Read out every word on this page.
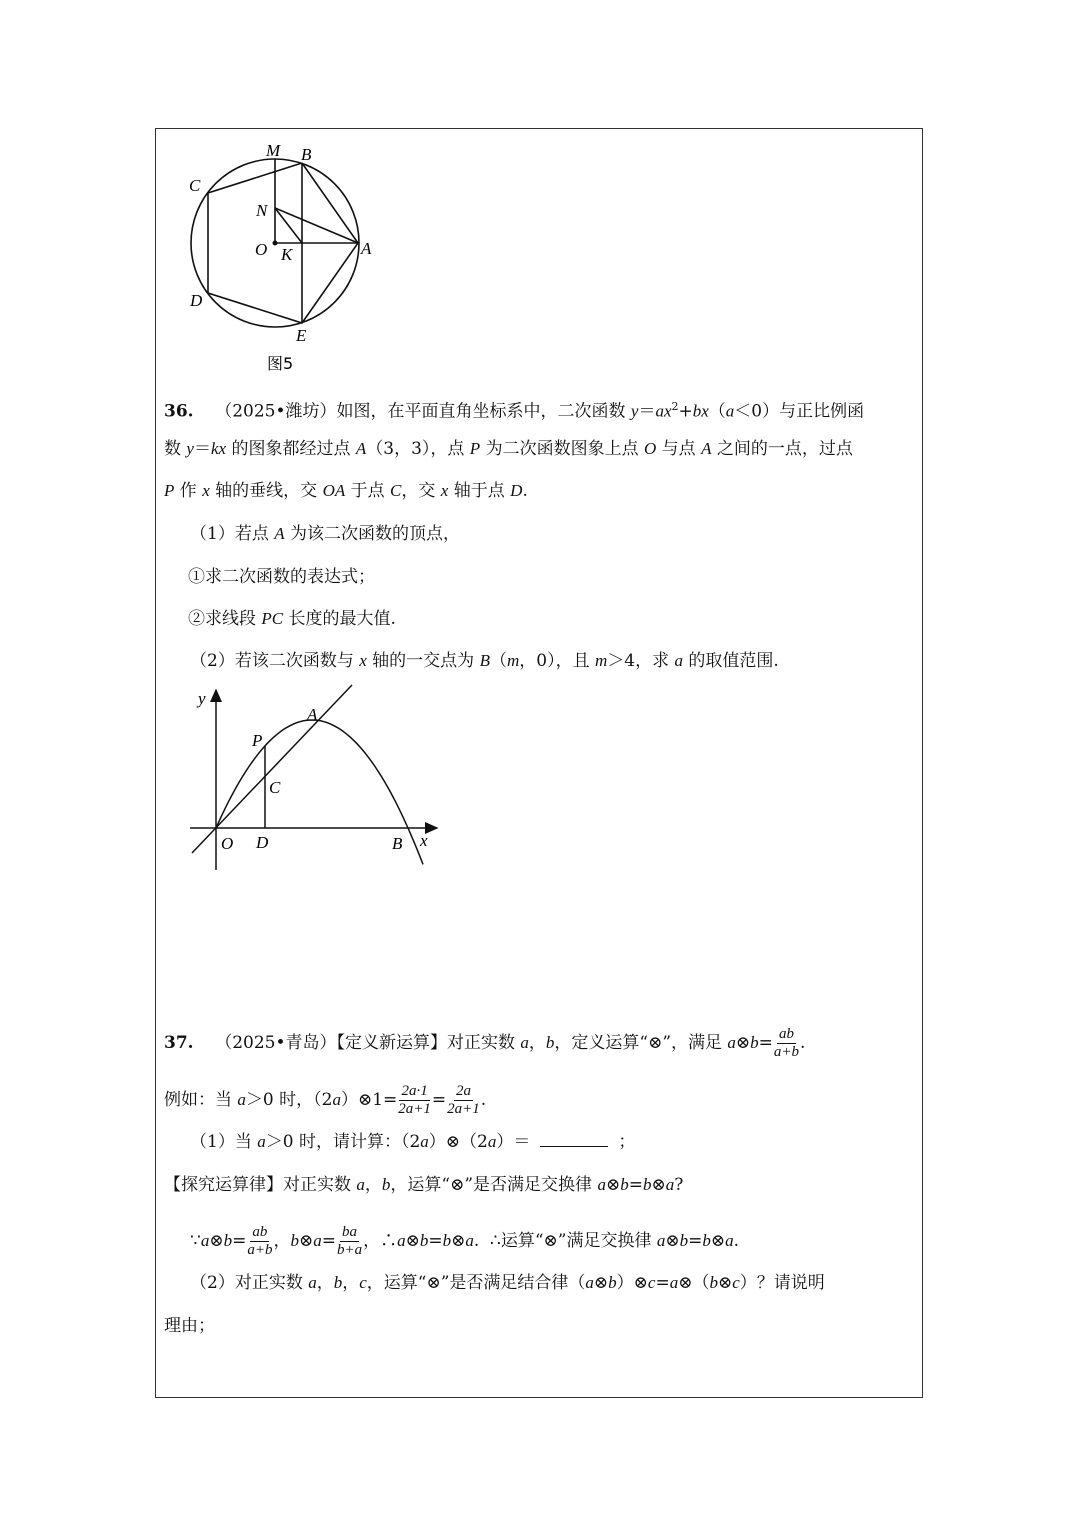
M B
C
N
O K	A
D
E
图5
36.    （2025•潍坊）如图，在平面直角坐标系中，二次函数 $y=ax^2+bx(a<0)$与正比例函
数 y＝kx 的图象都经过点 A（3，3），点 P 为二次函数图象上点 O 与点 A 之间的一点，过点
P 作 x 轴的垂线，交 OA 于点 C，交 x 轴于点 D.
（1）若点 A 为该二次函数的顶点，
①求二次函数的表达式；
②求线段 PC 长度的最大值.
（2）若该二次函数与 x 轴的一交点为 B（m，0），且 m＞4，求 a 的取值范围.
y
A
P
C
O D	B x
37.    （2025•青岛）【定义新运算】对正实数 a，b，定义运算“⊗”，满足 a⊗b= $\frac{ab}{a+b}$ .
例如：当 a＞0 时，（2a）⊗1= $\frac{2a\cdot 1}{2a+1} = \frac{2a}{2a+1}$ .
（1）当 a＞0 时，请计算：（2a）⊗（2a）＝	；
【探究运算律】对正实数 a，b，运算“⊗”是否满足交换律 a⊗b=b⊗a?
∵a⊗b= $\frac{ab}{a+b}$ ，b⊗a= $\frac{ba}{b+a}$ ，∴a⊗b=b⊗a.  ∴运算“⊗”满足交换律 a⊗b=b⊗a.
（2）对正实数 a，b，c，运算“⊗”是否满足结合律（a⊗b）⊗c=a⊗（b⊗c）？请说明
理由；
